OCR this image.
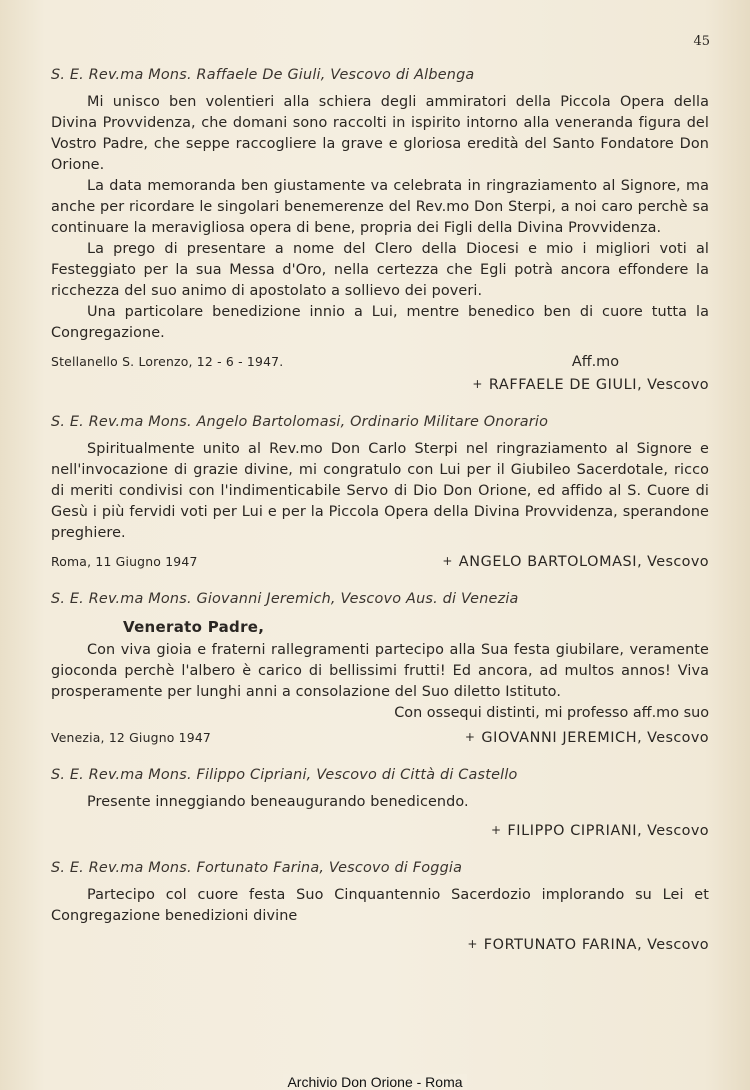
45
S. E. Rev.ma Mons. Raffaele De Giuli, Vescovo di Albenga

Mi unisco ben volentieri alla schiera degli ammiratori della Piccola Opera della Divina Provvidenza, che domani sono raccolti in ispirito intorno alla veneranda figura del Vostro Padre, che seppe raccogliere la grave e gloriosa eredità del Santo Fondatore Don Orione.

La data memoranda ben giustamente va celebrata in ringraziamento al Signore, ma anche per ricordare le singolari benemerenze del Rev.mo Don Sterpi, a noi caro perchè sa continuare la meravigliosa opera di bene, propria dei Figli della Divina Provvidenza.

La prego di presentare a nome del Clero della Diocesi e mio i migliori voti al Festeggiato per la sua Messa d'Oro, nella certezza che Egli potrà ancora effondere la ricchezza del suo animo di apostolato a sollievo dei poveri.

Una particolare benedizione innio a Lui, mentre benedico ben di cuore tutta la Congregazione.

Stellanello S. Lorenzo, 12 - 6 - 1947.	Aff.mo
+ RAFFAELE DE GIULI, Vescovo
S. E. Rev.ma Mons. Angelo Bartolomasi, Ordinario Militare Onorario

Spiritualmente unito al Rev.mo Don Carlo Sterpi nel ringraziamento al Signore e nell'invocazione di grazie divine, mi congratulo con Lui per il Giubileo Sacerdotale, ricco di meriti condivisi con l'indimenticabile Servo di Dio Don Orione, ed affido al S. Cuore di Gesù i più fervidi voti per Lui e per la Piccola Opera della Divina Provvidenza, sperandone preghiere.

Roma, 11 Giugno 1947	+ ANGELO BARTOLOMASI, Vescovo
S. E. Rev.ma Mons. Giovanni Jeremich, Vescovo Aus. di Venezia
Venerato Padre,

Con viva gioia e fraterni rallegramenti partecipo alla Sua festa giubilare, veramente gioconda perchè l'albero è carico di bellissimi frutti! Ed ancora, ad multos annos! Viva prosperamente per lunghi anni a consolazione del Suo diletto Istituto.

Con ossequi distinti, mi professo aff.mo suo

Venezia, 12 Giugno 1947	+ GIOVANNI JEREMICH, Vescovo
S. E. Rev.ma Mons. Filippo Cipriani, Vescovo di Città di Castello

Presente inneggiando beneaugurando benedicendo.

+ FILIPPO CIPRIANI, Vescovo
S. E. Rev.ma Mons. Fortunato Farina, Vescovo di Foggia

Partecipo col cuore festa Suo Cinquantennio Sacerdozio implorando su Lei et Congregazione benedizioni divine

+ FORTUNATO FARINA, Vescovo
Archivio Don Orione - Roma
